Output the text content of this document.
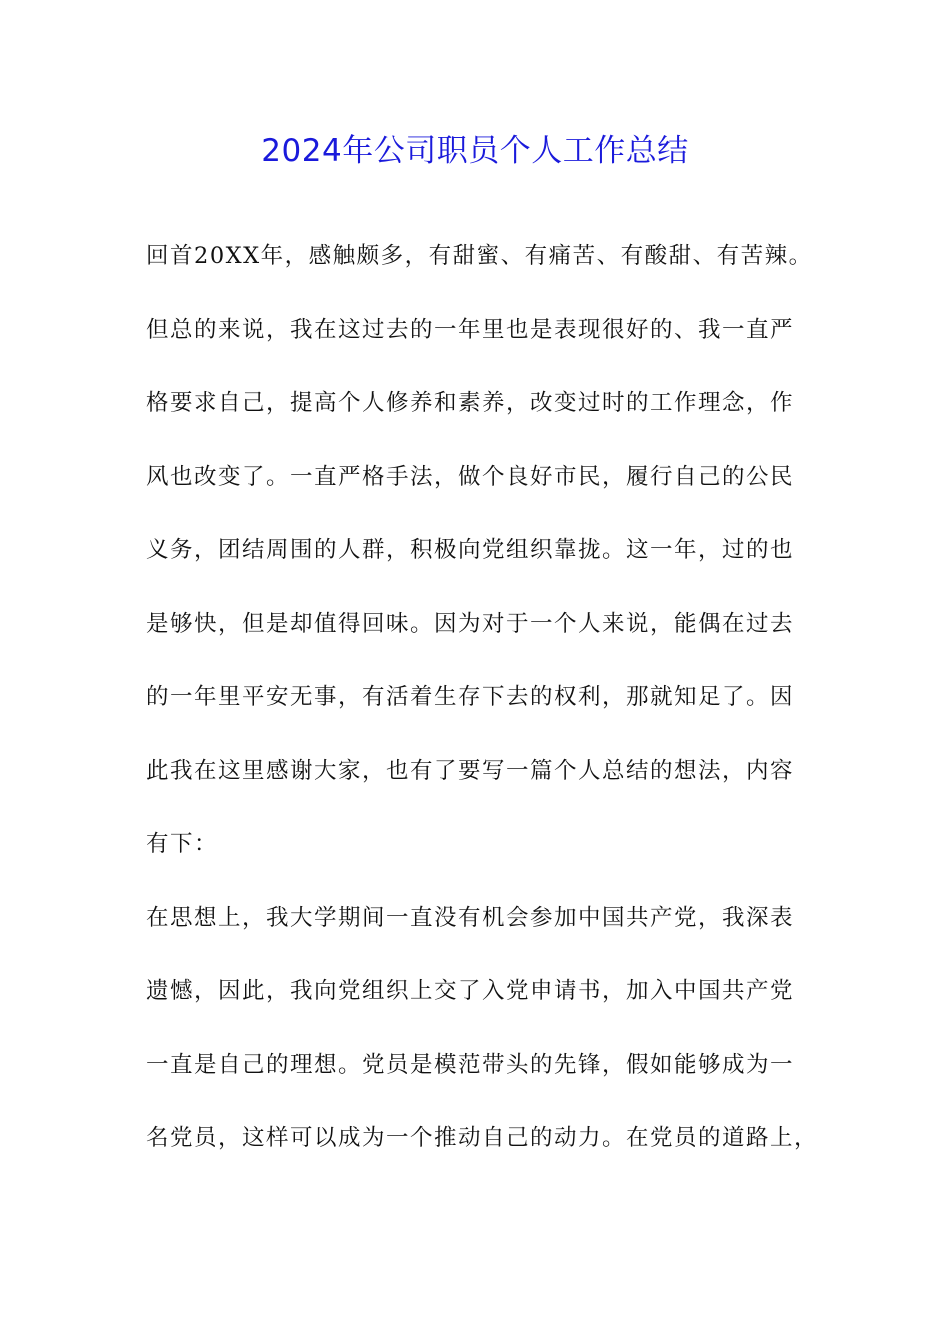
2024年公司职员个人工作总结
回首20XX年，感触颇多，有甜蜜、有痛苦、有酸甜、有苦辣。
但总的来说，我在这过去的一年里也是表现很好的、我一直严
格要求自己，提高个人修养和素养，改变过时的工作理念，作
风也改变了。一直严格手法，做个良好市民，履行自己的公民
义务，团结周围的人群，积极向党组织靠拢。这一年，过的也
是够快，但是却值得回味。因为对于一个人来说，能偶在过去
的一年里平安无事，有活着生存下去的权利，那就知足了。因
此我在这里感谢大家，也有了要写一篇个人总结的想法，内容
有下：
在思想上，我大学期间一直没有机会参加中国共产党，我深表
遗憾，因此，我向党组织上交了入党申请书，加入中国共产党
一直是自己的理想。党员是模范带头的先锋，假如能够成为一
名党员，这样可以成为一个推动自己的动力。在党员的道路上，
